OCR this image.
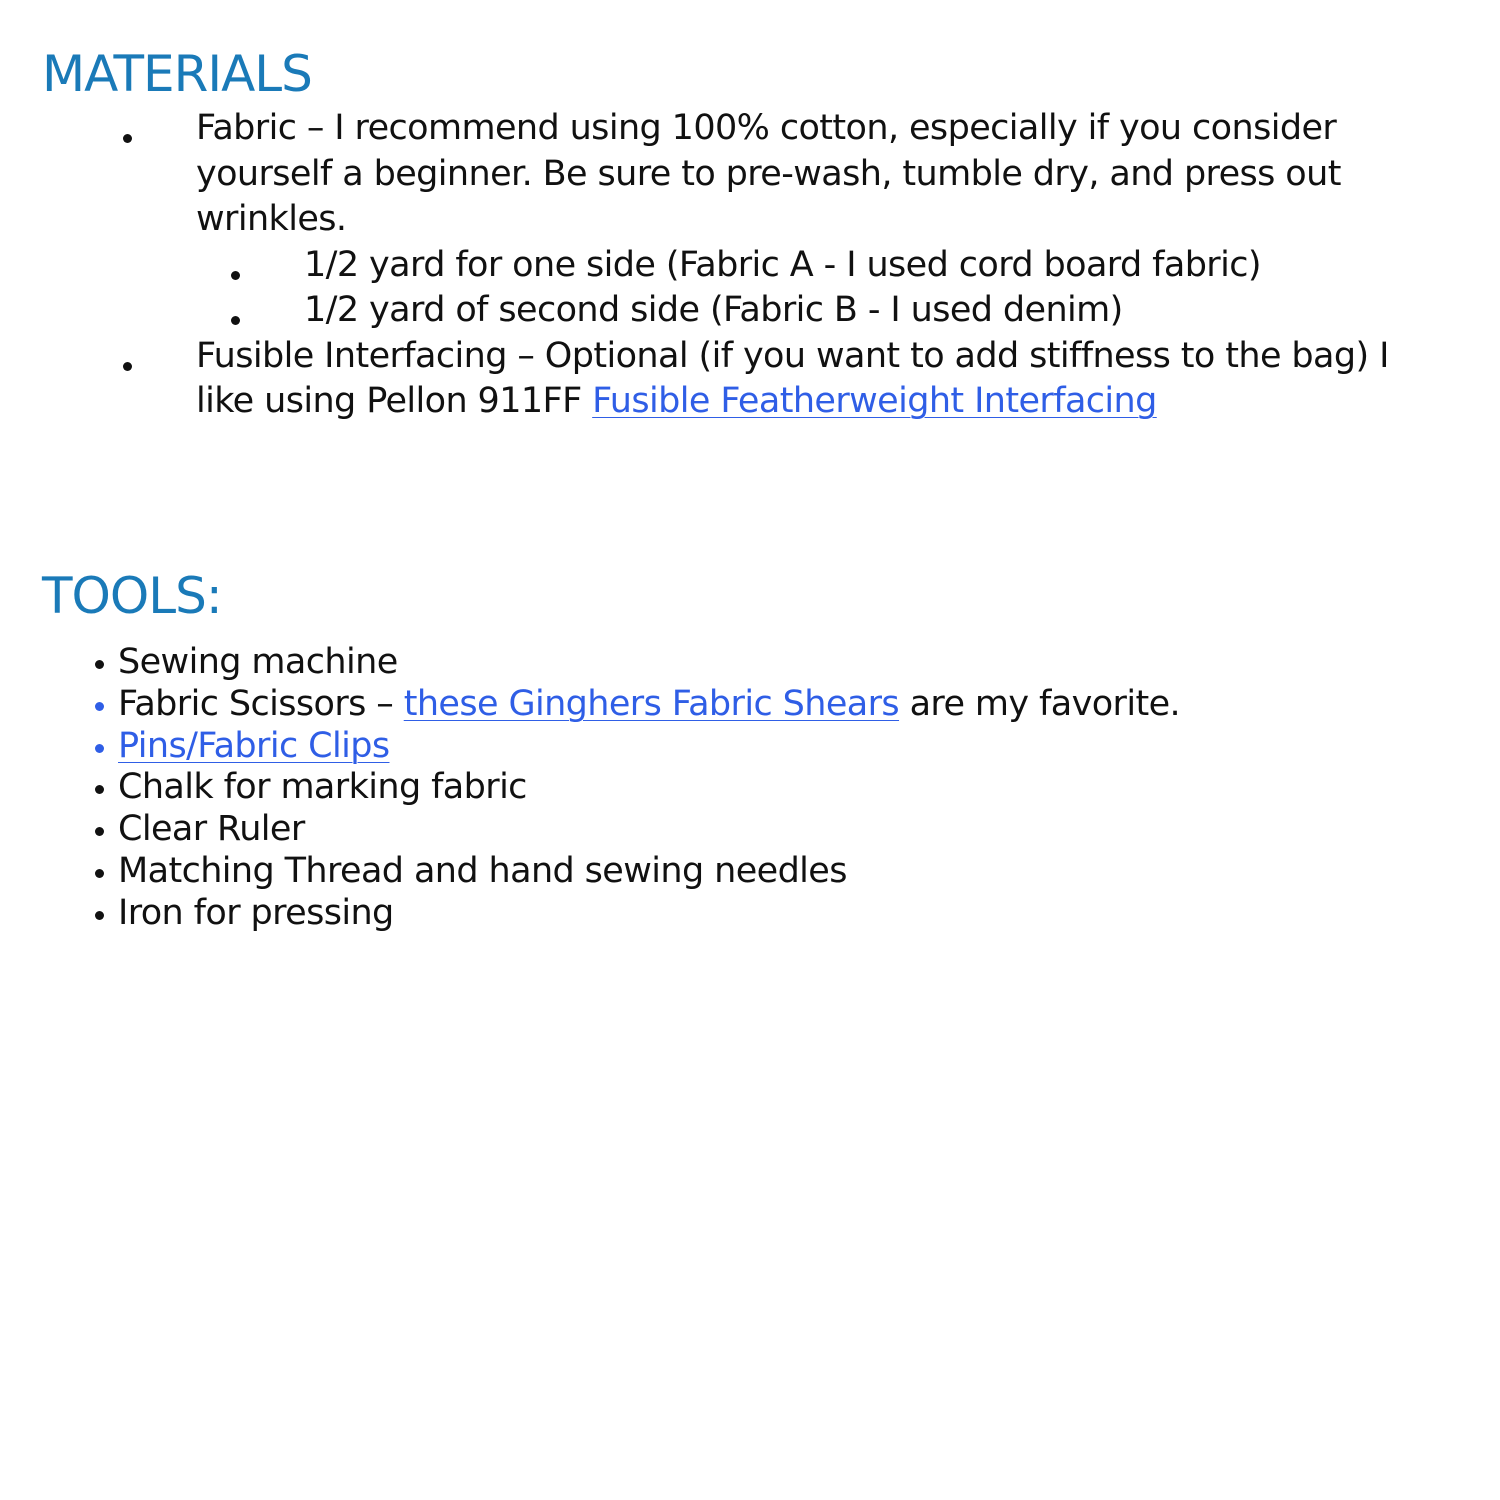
MATERIALS
Fabric – I recommend using 100% cotton, especially if you consider yourself a beginner. Be sure to pre-wash, tumble dry, and press out wrinkles.
1/2 yard for one side (Fabric A - I used cord board fabric)
1/2 yard of second side (Fabric B - I used denim)
Fusible Interfacing – Optional (if you want to add stiffness to the bag) I like using Pellon 911FF Fusible Featherweight Interfacing
TOOLS:
Sewing machine
Fabric Scissors – these Ginghers Fabric Shears are my favorite.
Pins/Fabric Clips
Chalk for marking fabric
Clear Ruler
Matching Thread and hand sewing needles
Iron for pressing
